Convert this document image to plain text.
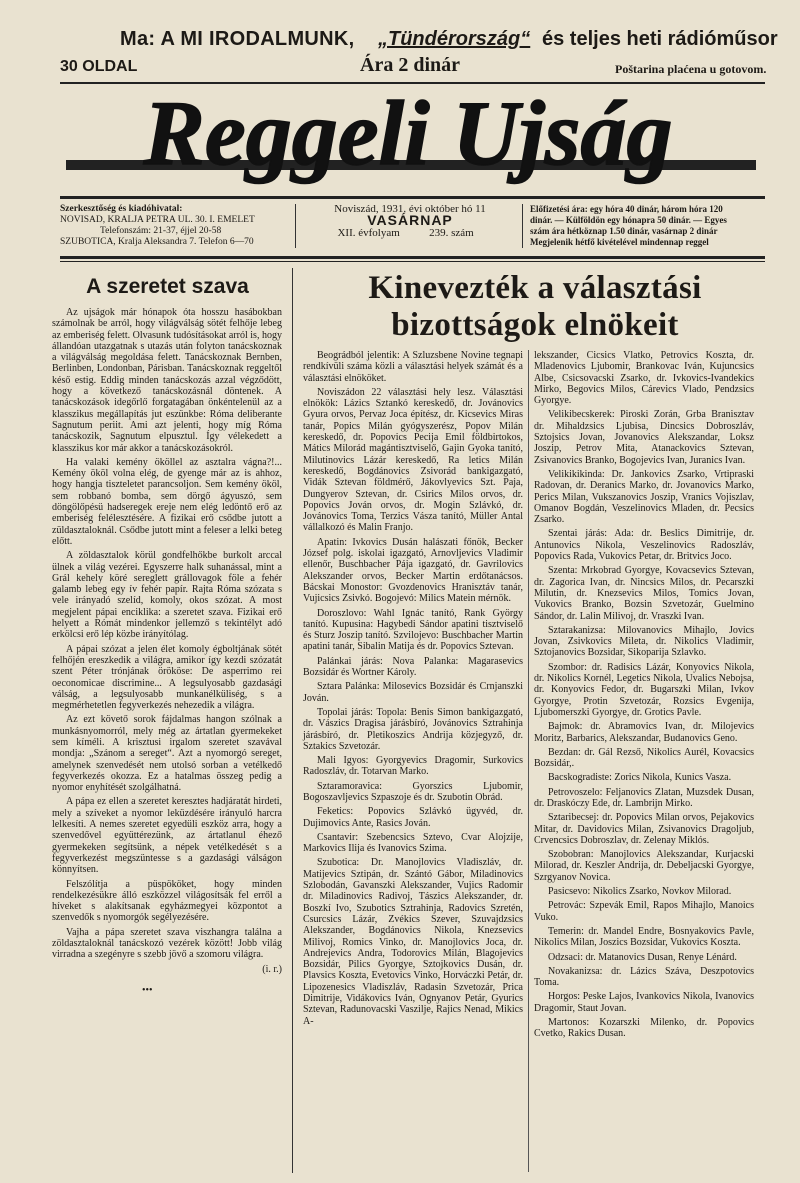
Ma: A MI IRODALMUNK, „Tündérország“ és teljes heti rádióműsor
30 OLDAL	Ára 2 dinár	Poštarina plaćena u gotovom.
Reggeli Ujság
Szerkesztőség és kiadóhivatal:
NOVISAD, KRALJA PETRA UL. 30. I. EMELET
Telefonszám: 21-37, éjjel 20-58
SZUBOTICA, Kralja Aleksandra 7. Telefon 6—70
Noviszád, 1931. évi október hó 11
VASÁRNAP
XII. évfolyam	239. szám
Előfizetési ára: egy hóra 40 dinár, három hóra 120
dinár. — Külföldön egy hónapra 50 dinár. — Egyes
szám ára hétköznap 1.50 dinár, vasárnap 2 dinár
Megjelenik hétfő kivételével mindennap reggel
A szeretet szava

Az ujságok már hónapok óta hosszu hasábokban számolnak be arról, hogy világválság sötét felhője lebeg az emberiség felett. Olvasunk tudósításokat arról is, hogy állandóan utazgatnak s utazás után folyton tanácskoznak a világválság megoldása felett. Tanácskoznak Bernben, Berlinben, Londonban, Párisban. Tanácskoznak reggeltől késő estig. Eddig minden tanácskozás azzal végződött, hogy a következő tanácskozásnál döntenek. A tanácskozások idegőrlő forgatagában önkéntelenül az a klasszikus megállapítás jut eszünkbe: Róma deliberante Sagnutum periit. Ami azt jelenti, hogy míg Róma tanácskozik, Sagnutum elpusztul. Így vélekedett a klasszikus kor már akkor a tanácskozásokról.

Ha valaki kemény ököllel az asztalra vágna?!... Kemény ököl volna elég, de gyenge már az is ahhoz, hogy hangja tiszteletet parancsoljon. Sem kemény ököl, sem robbanó bomba, sem dörgő ágyuszó, sem döngölőpésü hadseregek ereje nem elég ledöntő erő az emberiség felélesztésére. A fizikai erő csődbe jutott a züldasztaloknál. Csődbe jutott mint a feleser a lelki beteg előtt.

A zöldasztalok körül gondfelhőkbe burkolt arccal ülnek a világ vezérei. Egyszerre halk suhanással, mint a Grál kehely köré sereglett grállovagok föle a fehér galamb lebeg egy ív fehér papír. Rajta Róma szózata s vele irányadó szelíd, komoly, okos szózat. A most megjelent pápai enciklika: a szeretet szava. Fizikai erő helyett a Rómát mindenkor jellemző s tekintélyt adó erkölcsi erő lép közbe irányítólag.

A pápai szózat a jelen élet komoly égboltjának sötét felhőjén ereszkedik a világra, amikor így kezdi szózatát szent Péter trónjának örököse: De asperrimo rei oeconomicae discrimine... A legsulyosabb gazdasági válság, a legsulyosabb munkanélküliség, s a megmérhetetlen fegyverkezés nehezedik a világra.

Az ezt követő sorok fájdalmas hangon szólnak a munkásnyomorról, mely még az ártatlan gyermekeket sem kíméli. A krisztusi irgalom szeretet szavával mondja: „Szánom a sereget“. Azt a nyomorgó sereget, amelynek szenvedését nem utolsó sorban a vetélkedő fegyverkezés okozza. Ez a hatalmas összeg pedig a nyomor enyhítését szolgálhatná.

A pápa ez ellen a szeretet keresztes hadjáratát hirdeti, mely a szíveket a nyomor leküzdésére irányuló harcra lelkesíti. A nemes szeretet egyedüli eszköz arra, hogy a szenvedővel együttérezünk, az ártatlanul éhező gyermekeken segítsünk, a népek vetélkedését s a fegyverkezést megszüntesse s a gazdasági válságon könnyítsen.

Felszólítja a püspököket, hogy minden rendelkezésükre álló eszközzel világosítsák fel erről a híveket s alakítsanak egyházmegyei központot a szenvedők s nyomorgók segélyezésére.

Vajha a pápa szeretet szava viszhangra találna a zöldasztaloknál tanácskozó vezérek között! Jobb világ virradna a szegényre s szebb jövő a szomoru világra.

(i. r.)
•••
Kinevezték a választási bizottságok elnökeit

Beográdból jelentik: A Szluzsbene Novine tegnapi rendkívüli száma közli a választási helyek számát és a választási elnököket.

Noviszádon 22 választási hely lesz. Választási elnökök: Lázics Sztankó kereskedő, dr. Jovánovics Gyura orvos, Pervaz Joca építész, dr. Kicsevics Miras tanár, Popics Milán gyógyszerész, Popov Milán kereskedő, dr. Popovics Pecija Emil földbirtokos, Mátics Milorád magántisztviselő, Gajin Gyoka tanító, Milutinovics Lázár kereskedő, Ra letics Milán kereskedő, Bogdánovics Zsivorád bankigazgató, Vidák Sztevan földmérő, Jákovlyevics Szt. Paja, Dungyerov Sztevan, dr. Csirics Milos orvos, dr. Popovics Jován orvos, dr. Mogin Szlávkó, dr. Jovánovics Toma, Terzics Vásza tanító, Müller Antal vállalkozó és Malin Franjo.

Apatin: Ivkovics Dusán halászati főnök, Becker József polg. iskolai igazgató, Arnovljevics Vladimir ellenőr, Buschbacher Pája igazgató, dr. Gavrilovics Alekszander orvos, Becker Martin erdőtanácsos. Bácskai Monostor: Gvozdenovics Hranisztáv tanár, Vujicsics Zsivkó. Bogojevó: Milics Matein mérnök.

Doroszlovo: Wahl Ignác tanító, Rank György tanító. Kupusina: Hagybedi Sándor apatini tisztviselő és Sturz Joszip tanító. Szvilojevo: Buschbacher Martin apatini tanár, Sibalin Matija és dr. Popovics Sztevan.

Palánkai járás: Nova Palanka: Magarasevics Bozsidár és Wortner Károly.

Sztara Palánka: Milosevics Bozsidár és Crnjanszki Jován.

Topolai járás: Topola: Benis Simon bankigazgató, dr. Vászics Dragisa járásbíró, Jovánovics Sztrahinja járásbíró, dr. Pletikoszics Andrija közjegyző, dr. Sztakics Szvetozár.

Mali Igyos: Gyorgyevics Dragomir, Surkovics Radoszláv, dr. Totarvan Marko.

Sztaramoravica: Gyorszics Ljubomir, Bogoszavljevics Szpaszoje és dr. Szubotin Obrád.

Feketics: Popovics Szlávkó ügyvéd, dr. Dujimovics Ante, Rasics Jován.

Csantavir: Szebencsics Sztevo, Cvar Alojzije, Markovics Ilija és Ivanovics Szima.

Szubotica: Dr. Manojlovics Vladiszláv, dr. Matijevics Sztipán, dr. Szántó Gábor, Miladinovics Szlobodán, Gavanszki Alekszander, Vujics Radomir dr. Miladinovics Radivoj, Tászics Alekszander, dr. Boszkí Ivo, Szubotics Sztrahinja, Radovics Szretén, Csurcsics Lázár, Zvékics Szever, Szuvajdzsics Alekszander, Bogdánovics Nikola, Knezsevics Milivoj, Romics Vinko, dr. Manojlovics Joca, dr. Andrejevics Andra, Todorovics Milán, Blagojevics Bozsidár, Pilics Gyorgye, Sztojkovics Dusán, dr. Plavsics Koszta, Evetovics Vinko, Horváczki Petár, dr. Lipozenesics Vladiszláv, Radasin Szvetozár, Prica Dimitrije, Vidákovics Iván, Ognyanov Petár, Gyurics Sztevan, Radunovacski Vaszilje, Rajics Nenad, Mikics A-

lekszander, Cicsics Vlatko, Petrovics Koszta, dr. Mladenovics Ljubomir, Brankovac Iván, Kujuncsics Albe, Csicsovacski Zsarko, dr. Ivkovics-Ivandekics Mirko, Begovics Milos, Cárevics Vlado, Pendzsics Gyorgye.

Velikibecskerek: Piroski Zorán, Grba Branisztav dr. Mihaldzsics Ljubisa, Dincsics Dobroszláv, Sztojsics Jovan, Jovanovics Alekszandar, Loksz Joszip, Petrov Mita, Atanackovics Sztevan, Zsivanovics Branko, Bogojevics Ivan, Juranics Ivan.

Velikikikinda: Dr. Jankovics Zsarko, Vrtipraski Radovan, dr. Deranics Marko, dr. Jovanovics Marko, Perics Milan, Vukszanovics Joszip, Vranics Vojiszlav, Omanov Bogdán, Veszelinovics Mladen, dr. Pecsics Zsarko.

Szentai járás: Ada: dr. Beslics Dimitrije, dr. Antunovics Nikola, Veszelinovics Radoszláv, Popovics Rada, Vukovics Petar, dr. Britvics Joco.

Szenta: Mrkobrad Gyorgye, Kovacsevics Sztevan, dr. Zagorica Ivan, dr. Nincsics Milos, dr. Pecarszki Milutin, dr. Knezsevics Milos, Tomics Jovan, Vukovics Branko, Bozsin Szvetozár, Guelmino Sándor, dr. Lalin Milivoj, dr. Vraszki Ivan.

Sztarakanizsa: Milovanovics Mihajlo, Jovics Jovan, Zsivkovics Mileta, dr. Nikolics Vladimir, Sztojanovics Bozsidar, Sikoparija Szlavko.

Szombor: dr. Radisics Lázár, Konyovics Nikola, dr. Nikolics Kornél, Legetics Nikola, Uvalics Nebojsa, dr. Konyovics Fedor, dr. Bugarszki Milan, Ivkov Gyorgye, Protin Szvetozár, Rozsics Evgenija, Ljubomerszki Gyorgye, dr. Grotics Pavle.

Bajmok: dr. Abramovics Ivan, dr. Milojevics Moritz, Barbarics, Alekszandar, Budanovics Geno.

Bezdan: dr. Gál Rezső, Nikolics Aurél, Kovacsics Bozsidár,.

Bacskogradiste: Zorics Nikola, Kunics Vasza.

Petrovoszelo: Feljanovics Zlatan, Muzsdek Dusan, dr. Draskóczy Ede, dr. Lambrijn Mirko.

Sztaribecsej: dr. Popovics Milan orvos, Pejakovics Mitar, dr. Davidovics Milan, Zsivanovics Dragoljub, Crvencsics Dobroszlav, dr. Zelenay Miklós.

Szobobran: Manojlovics Alekszandar, Kurjacski Milorad, dr. Keszler Andrija, dr. Debeljacski Gyorgye, Szrgyanov Novica.

Pasicsevo: Nikolics Zsarko, Novkov Milorad.

Petrovác: Szpevák Emil, Rapos Mihajlo, Manoics Vuko.

Temerin: dr. Mandel Endre, Bosnyakovics Pavle, Nikolics Milan, Joszics Bozsidar, Vukovics Koszta.

Odzsaci: dr. Matanovics Dusan, Renye Lénárd.

Novakanizsa: dr. Lázics Száva, Deszpotovics Toma.

Horgos: Peske Lajos, Ivankovics Nikola, Ivanovics Dragomir, Staut Jovan.

Martonos: Kozarszki Milenko, dr. Popovics Cvetko, Rakics Dusan.
